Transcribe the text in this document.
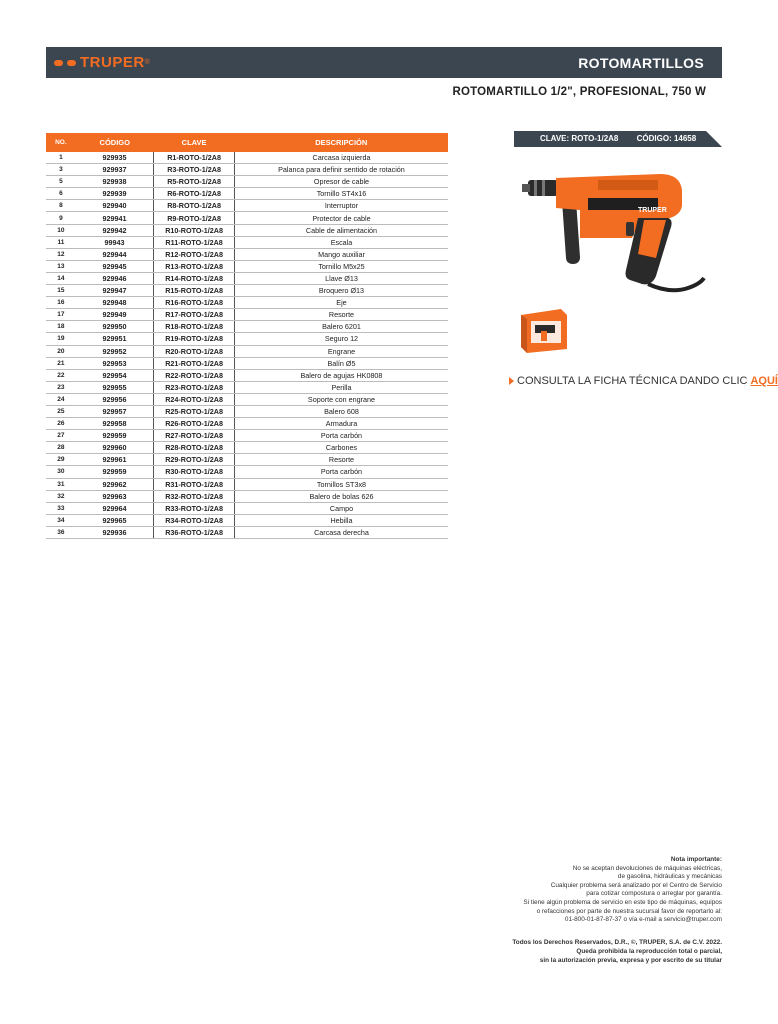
TRUPER ®	ROTOMARTILLOS
ROTOMARTILLO 1/2", PROFESIONAL, 750 W
NO.	CÓDIGO	CLAVE	DESCRIPCIÓN
1	929935	R1-ROTO-1/2A8	Carcasa izquierda
3	929937	R3-ROTO-1/2A8	Palanca para definir sentido de rotación
5	929938	R5-ROTO-1/2A8	Opresor de cable
6	929939	R6-ROTO-1/2A8	Tornillo ST4x16
8	929940	R8-ROTO-1/2A8	Interruptor
9	929941	R9-ROTO-1/2A8	Protector de cable
10	929942	R10-ROTO-1/2A8	Cable de alimentación
11	99943	R11-ROTO-1/2A8	Escala
12	929944	R12-ROTO-1/2A8	Mango auxiliar
13	929945	R13-ROTO-1/2A8	Tornillo M5x25
14	929946	R14-ROTO-1/2A8	Llave Ø13
15	929947	R15-ROTO-1/2A8	Broquero Ø13
16	929948	R16-ROTO-1/2A8	Eje
17	929949	R17-ROTO-1/2A8	Resorte
18	929950	R18-ROTO-1/2A8	Balero 6201
19	929951	R19-ROTO-1/2A8	Seguro 12
20	929952	R20-ROTO-1/2A8	Engrane
21	929953	R21-ROTO-1/2A8	Balín Ø5
22	929954	R22-ROTO-1/2A8	Balero de agujas HK0808
23	929955	R23-ROTO-1/2A8	Perilla
24	929956	R24-ROTO-1/2A8	Soporte con engrane
25	929957	R25-ROTO-1/2A8	Balero 608
26	929958	R26-ROTO-1/2A8	Armadura
27	929959	R27-ROTO-1/2A8	Porta carbón
28	929960	R28-ROTO-1/2A8	Carbones
29	929961	R29-ROTO-1/2A8	Resorte
30	929959	R30-ROTO-1/2A8	Porta carbón
31	929962	R31-ROTO-1/2A8	Tornillos ST3x8
32	929963	R32-ROTO-1/2A8	Balero de bolas 626
33	929964	R33-ROTO-1/2A8	Campo
34	929965	R34-ROTO-1/2A8	Hebilla
36	929936	R36-ROTO-1/2A8	Carcasa derecha
CLAVE: ROTO-1/2A8 CÓDIGO: 14658
TRUPER
CONSULTA LA FICHA TÉCNICA DANDO CLIC AQUÍ
Nota importante:
No se aceptan devoluciones de máquinas eléctricas,
de gasolina, hidráulicas y mecánicas
Cualquier problema será analizado por el Centro de Servicio
para cotizar compostura o arreglar por garantía.
Si tiene algún problema de servicio en este tipo de máquinas, equipos
o refacciones por parte de nuestra sucursal favor de reportarlo al:
01-800-01-87-87-37 o vía e-mail a servicio@truper.com
Todos los Derechos Reservados, D.R., ©, TRUPER, S.A. de C.V. 2022.
Queda prohibida la reproducción total o parcial,
sin la autorización previa, expresa y por escrito de su titular
